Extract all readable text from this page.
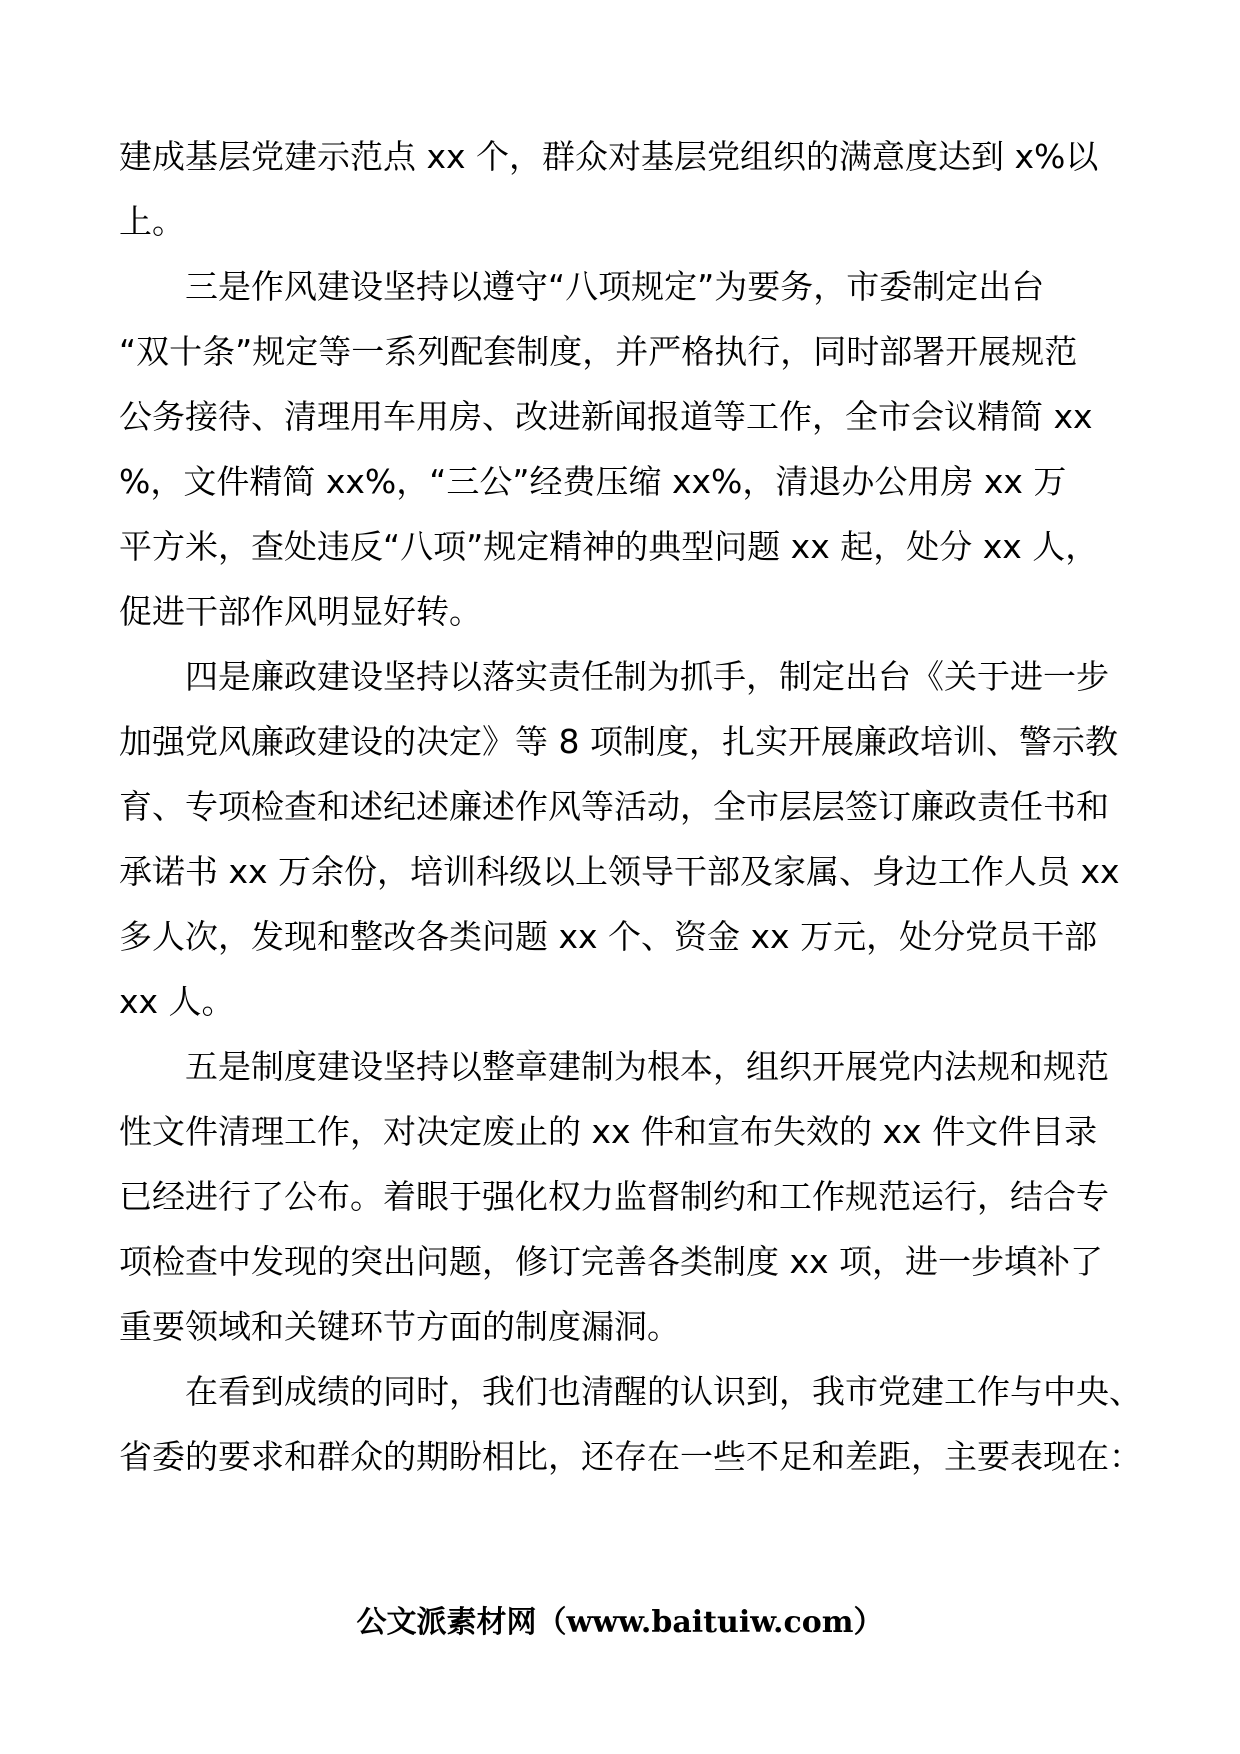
建成基层党建示范点 xx 个，群众对基层党组织的满意度达到 x%以
上。
三是作风建设坚持以遵守“八项规定”为要务，市委制定出台
“双十条”规定等一系列配套制度，并严格执行，同时部署开展规范
公务接待、清理用车用房、改进新闻报道等工作，全市会议精简 xx
%，文件精简 xx%，“三公”经费压缩 xx%，清退办公用房 xx 万
平方米，查处违反“八项”规定精神的典型问题 xx 起，处分 xx 人，
促进干部作风明显好转。
四是廉政建设坚持以落实责任制为抓手，制定出台《关于进一步
加强党风廉政建设的决定》等 8 项制度，扎实开展廉政培训、警示教
育、专项检查和述纪述廉述作风等活动，全市层层签订廉政责任书和
承诺书 xx 万余份，培训科级以上领导干部及家属、身边工作人员 xx
多人次，发现和整改各类问题 xx 个、资金 xx 万元，处分党员干部
xx 人。
五是制度建设坚持以整章建制为根本，组织开展党内法规和规范
性文件清理工作，对决定废止的 xx 件和宣布失效的 xx 件文件目录
已经进行了公布。着眼于强化权力监督制约和工作规范运行，结合专
项检查中发现的突出问题，修订完善各类制度 xx 项，进一步填补了
重要领域和关键环节方面的制度漏洞。
在看到成绩的同时，我们也清醒的认识到，我市党建工作与中央、
省委的要求和群众的期盼相比，还存在一些不足和差距，主要表现在：
公文派素材网（www.baituiw.com）
